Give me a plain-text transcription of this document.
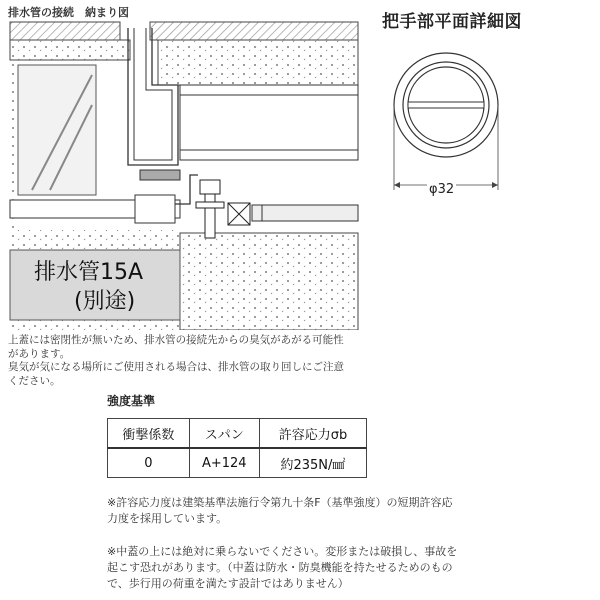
排水管の接続　納まり図
排水管15A
(別途)
把手部平面詳細図
φ32
上蓋には密閉性が無いため、排水管の接続先からの臭気があがる可能性
があります。
臭気が気になる場所にご使用される場合は、排水管の取り回しにご注意
ください。
強度基準
衝撃係数	スパン	許容応力σb
0	A+124	約235N/㎟
※許容応力度は建築基準法施行令第九十条F（基準強度）の短期許容応
力度を採用しています。
※中蓋の上には絶対に乗らないでください。変形または破損し、事故を
起こす恐れがあります。（中蓋は防水・防臭機能を持たせるためのもの
で、歩行用の荷重を満たす設計ではありません）
